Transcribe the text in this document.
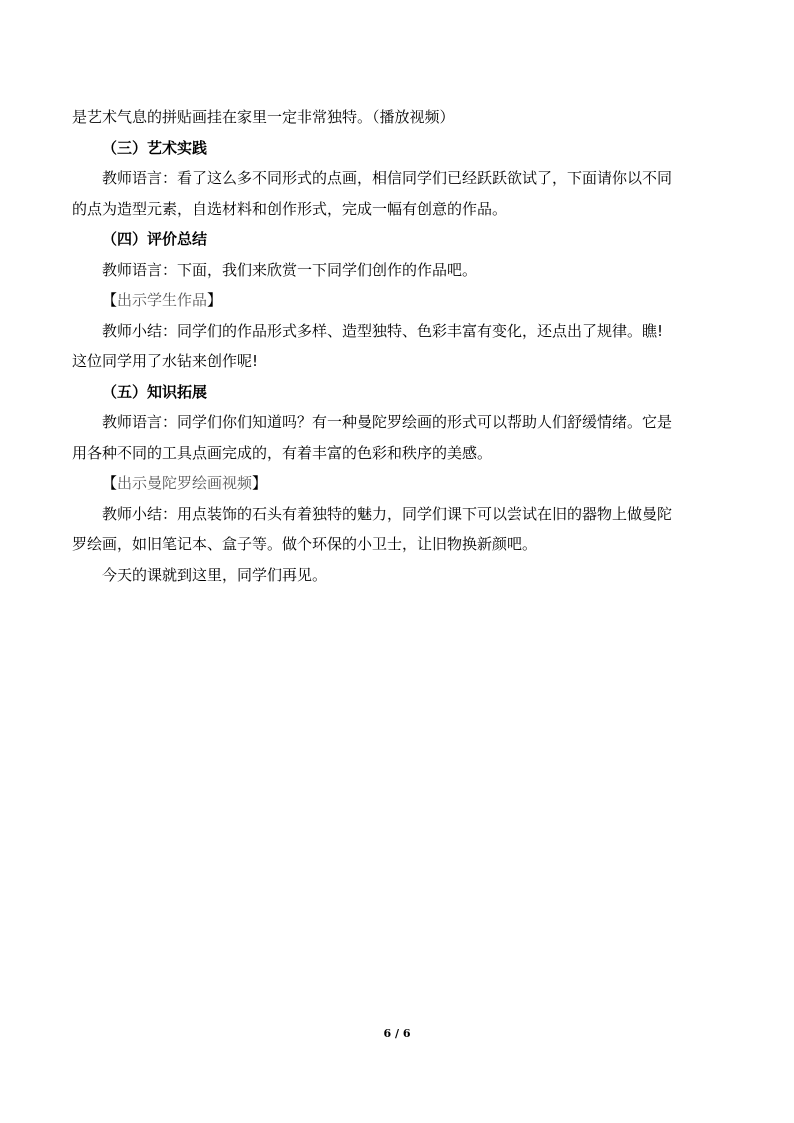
是艺术气息的拼贴画挂在家里一定非常独特。（播放视频）
（三）艺术实践
教师语言：看了这么多不同形式的点画，相信同学们已经跃跃欲试了，下面请你以不同
的点为造型元素，自选材料和创作形式，完成一幅有创意的作品。
（四）评价总结
教师语言：下面，我们来欣赏一下同学们创作的作品吧。
【出示学生作品】
教师小结：同学们的作品形式多样、造型独特、色彩丰富有变化，还点出了规律。瞧!
这位同学用了水钻来创作呢!
（五）知识拓展
教师语言：同学们你们知道吗？有一种曼陀罗绘画的形式可以帮助人们舒缓情绪。它是
用各种不同的工具点画完成的，有着丰富的色彩和秩序的美感。
【出示曼陀罗绘画视频】
教师小结：用点装饰的石头有着独特的魅力，同学们课下可以尝试在旧的器物上做曼陀
罗绘画，如旧笔记本、盒子等。做个环保的小卫士，让旧物换新颜吧。
今天的课就到这里，同学们再见。
6 / 6
